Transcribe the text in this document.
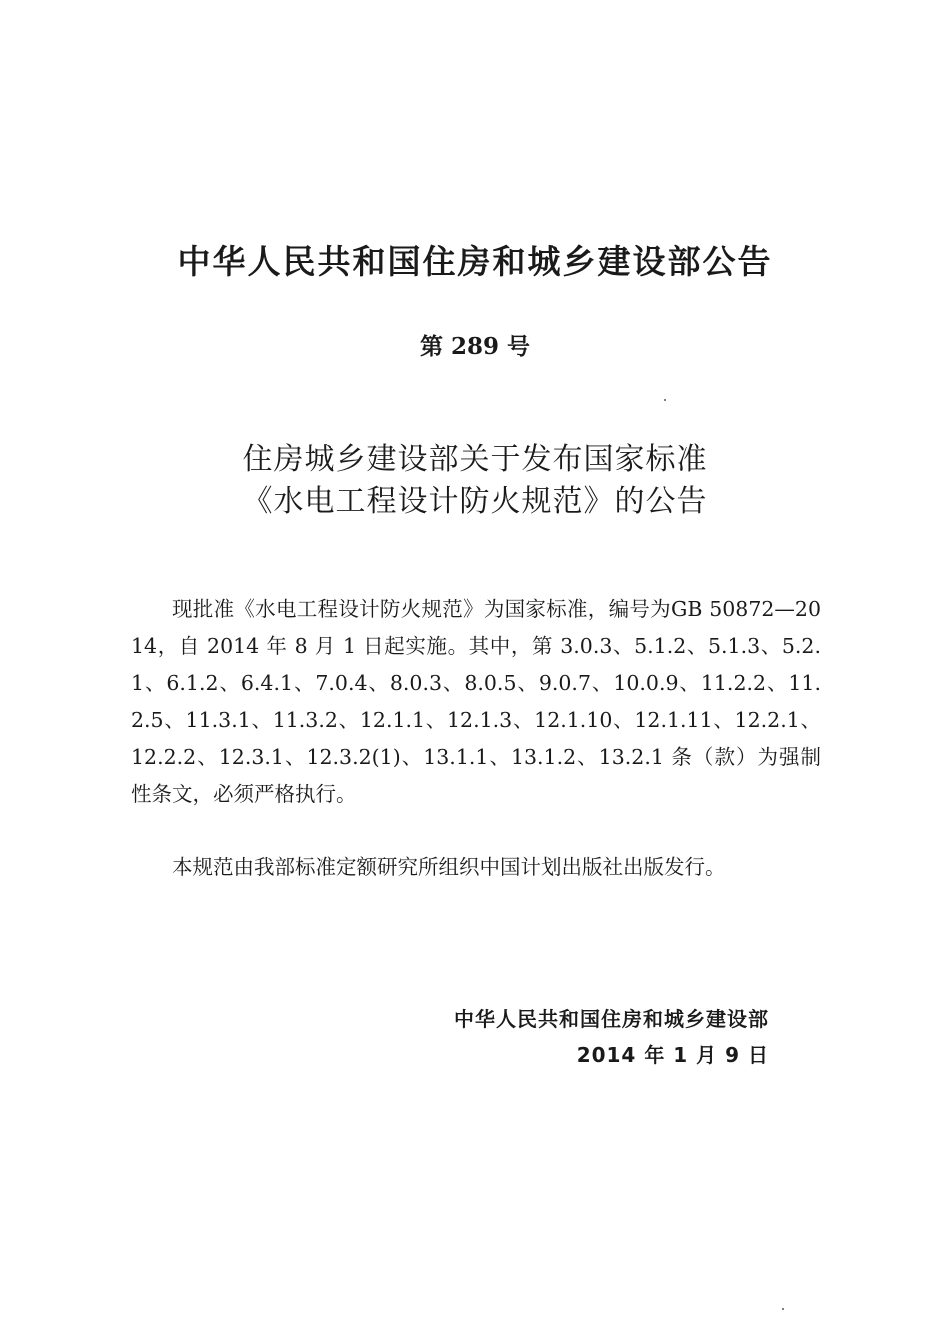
中华人民共和国住房和城乡建设部公告
第 289 号
住房城乡建设部关于发布国家标准
《水电工程设计防火规范》的公告
现批准《水电工程设计防火规范》为国家标准，编号为GB 50872—2014，自 2014 年 8 月 1 日起实施。其中，第 3.0.3、5.1.2、5.1.3、5.2.1、6.1.2、6.4.1、7.0.4、8.0.3、8.0.5、9.0.7、10.0.9、11.2.2、11.2.5、11.3.1、11.3.2、12.1.1、12.1.3、12.1.10、12.1.11、12.2.1、12.2.2、12.3.1、12.3.2(1)、13.1.1、13.1.2、13.2.1 条（款）为强制性条文，必须严格执行。
本规范由我部标准定额研究所组织中国计划出版社出版发行。
中华人民共和国住房和城乡建设部
2014 年 1 月 9 日
